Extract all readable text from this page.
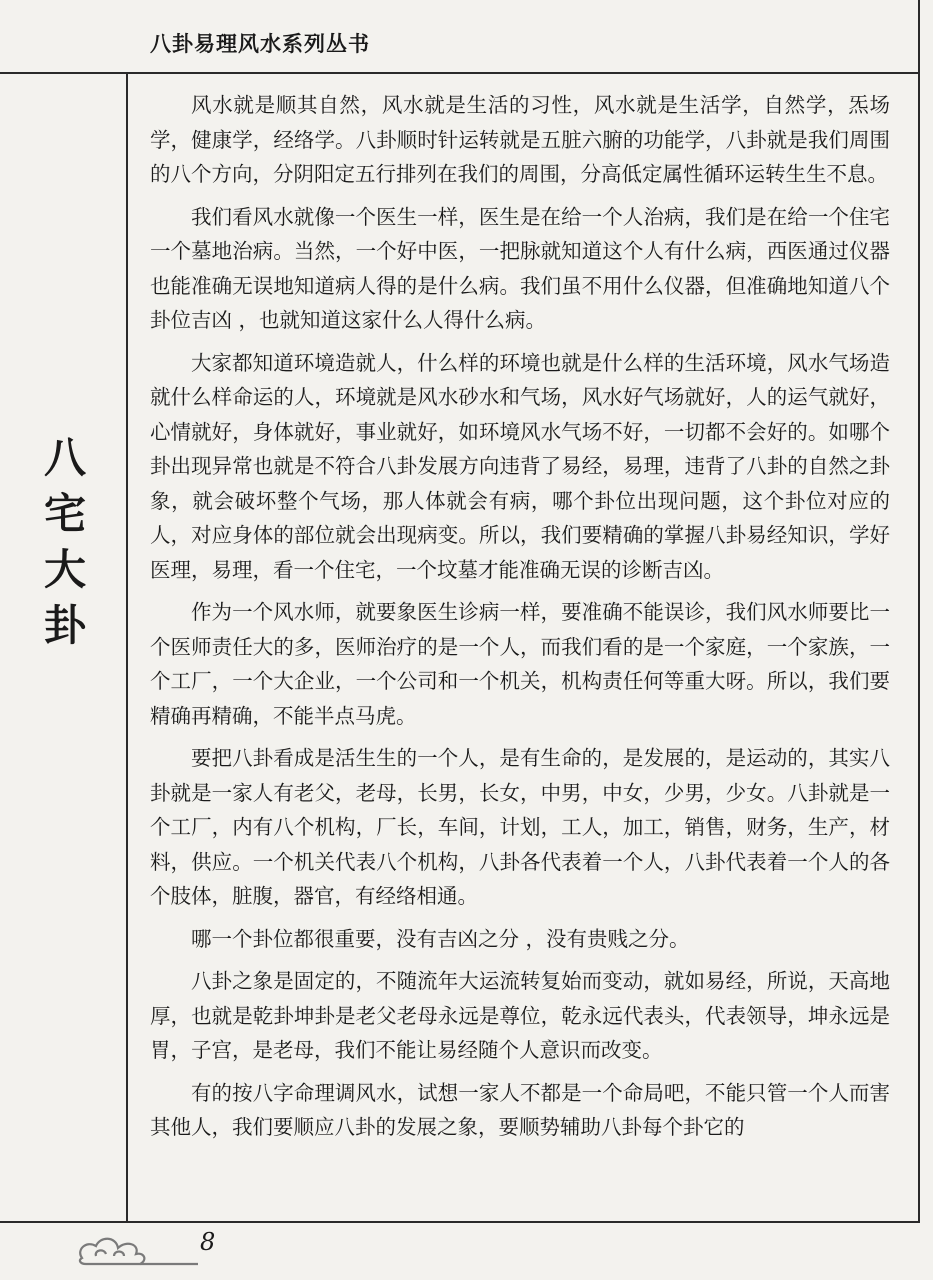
八卦易理风水系列丛书
八
宅
大
卦

风水就是顺其自然，风水就是生活的习性，风水就是生活学，自然学，炁场学，健康学，经络学。八卦顺时针运转就是五脏六腑的功能学，八卦就是我们周围的八个方向，分阴阳定五行排列在我们的周围，分高低定属性循环运转生生不息。

我们看风水就像一个医生一样，医生是在给一个人治病，我们是在给一个住宅一个墓地治病。当然，一个好中医，一把脉就知道这个人有什么病，西医通过仪器也能准确无误地知道病人得的是什么病。我们虽不用什么仪器，但准确地知道八个卦位吉凶 ，也就知道这家什么人得什么病。

大家都知道环境造就人，什么样的环境也就是什么样的生活环境，风水气场造就什么样命运的人，环境就是风水砂水和气场，风水好气场就好，人的运气就好，心情就好，身体就好，事业就好，如环境风水气场不好，一切都不会好的。如哪个卦出现异常也就是不符合八卦发展方向违背了易经，易理，违背了八卦的自然之卦象，就会破坏整个气场，那人体就会有病，哪个卦位出现问题，这个卦位对应的人，对应身体的部位就会出现病变。所以，我们要精确的掌握八卦易经知识，学好医理，易理，看一个住宅，一个坟墓才能准确无误的诊断吉凶。

作为一个风水师，就要象医生诊病一样，要准确不能误诊，我们风水师要比一个医师责任大的多，医师治疗的是一个人，而我们看的是一个家庭，一个家族，一个工厂，一个大企业，一个公司和一个机关，机构责任何等重大呀。所以，我们要精确再精确，不能半点马虎。

要把八卦看成是活生生的一个人，是有生命的，是发展的，是运动的，其实八卦就是一家人有老父，老母，长男，长女，中男，中女，少男，少女。八卦就是一个工厂，内有八个机构，厂长，车间，计划，工人，加工，销售，财务，生产，材料，供应。一个机关代表八个机构，八卦各代表着一个人，八卦代表着一个人的各个肢体，脏腹，器官，有经络相通。

哪一个卦位都很重要，没有吉凶之分 ，没有贵贱之分。

八卦之象是固定的，不随流年大运流转复始而变动，就如易经，所说，天高地厚，也就是乾卦坤卦是老父老母永远是尊位，乾永远代表头，代表领导，坤永远是胃，子宫，是老母，我们不能让易经随个人意识而改变。

有的按八字命理调风水，试想一家人不都是一个命局吧，不能只管一个人而害其他人，我们要顺应八卦的发展之象，要顺势辅助八卦每个卦它的

8
